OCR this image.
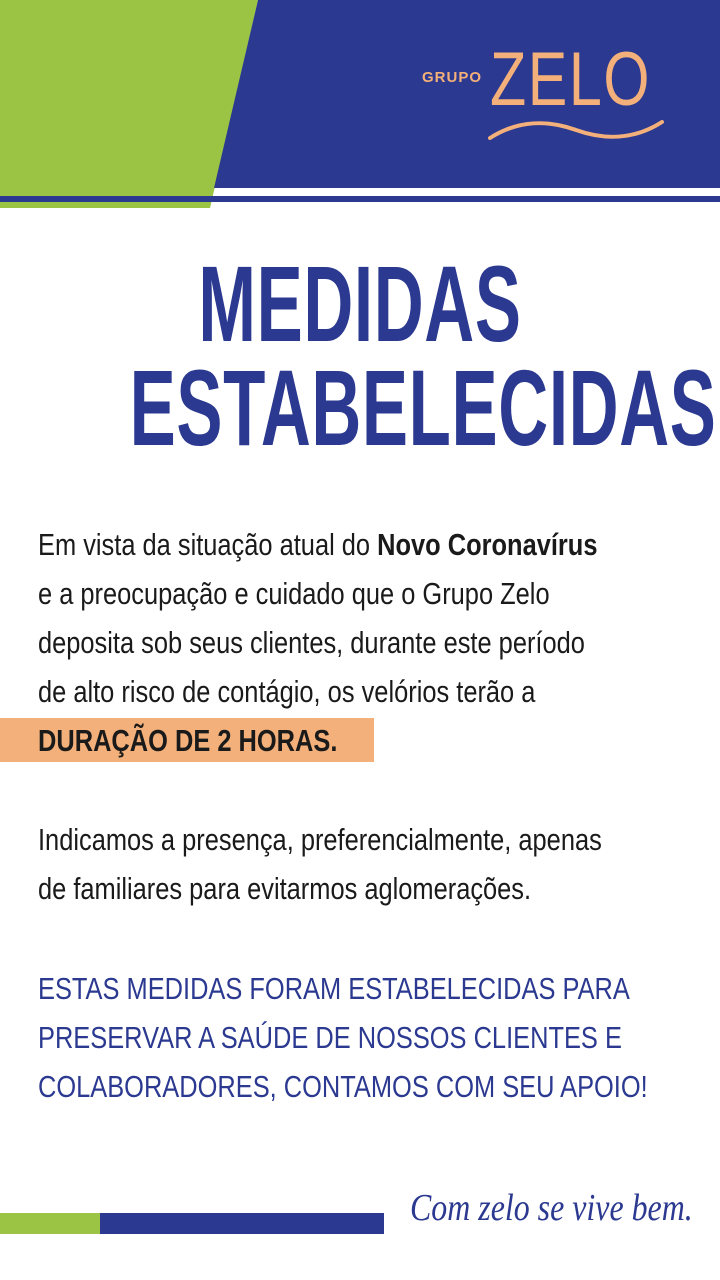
GRUPO ZELO
MEDIDAS
ESTABELECIDAS
Em vista da situação atual do Novo Coronavírus
e a preocupação e cuidado que o Grupo Zelo
deposita sob seus clientes, durante este período
de alto risco de contágio, os velórios terão a
DURAÇÃO DE 2 HORAS.
Indicamos a presença, preferencialmente, apenas
de familiares para evitarmos aglomerações.
ESTAS MEDIDAS FORAM ESTABELECIDAS PARA
PRESERVAR A SAÚDE DE NOSSOS CLIENTES E
COLABORADORES, CONTAMOS COM SEU APOIO!
Com zelo se vive bem.
